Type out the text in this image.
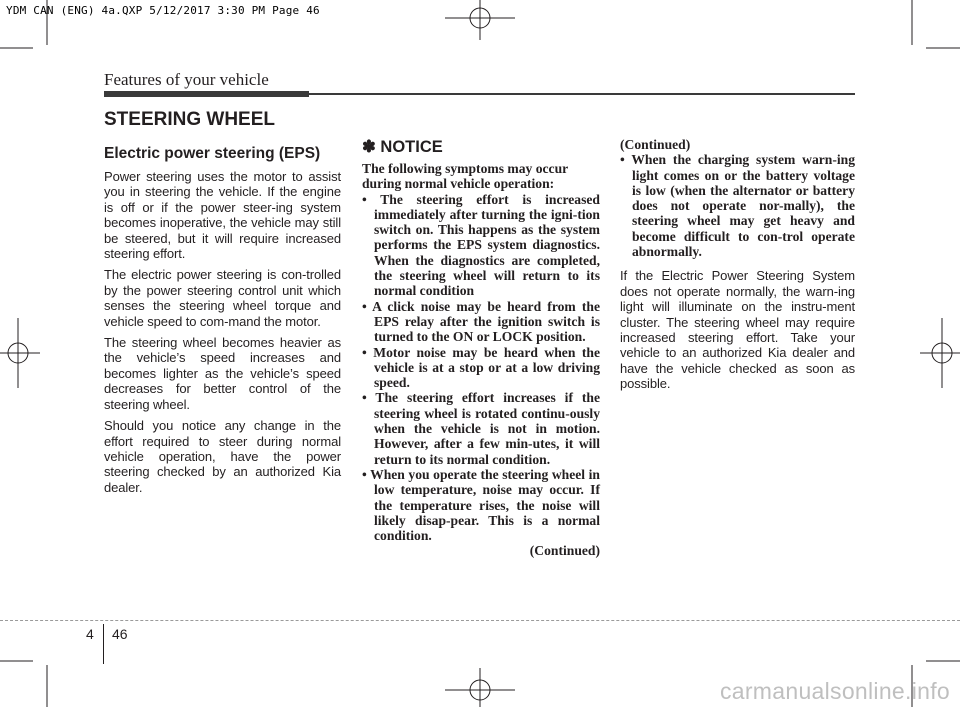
YDM CAN (ENG) 4a.QXP 5/12/2017 3:30 PM Page 46
Features of your vehicle
STEERING WHEEL
Electric power steering (EPS)

Power steering uses the motor to assist you in steering the vehicle. If the engine is off or if the power steer-ing system becomes inoperative, the vehicle may still be steered, but it will require increased steering effort.

The electric power steering is con-trolled by the power steering control unit which senses the steering wheel torque and vehicle speed to com-mand the motor.

The steering wheel becomes heavier as the vehicle’s speed increases and becomes lighter as the vehicle’s speed decreases for better control of the steering wheel.

Should you notice any change in the effort required to steer during normal vehicle operation, have the power steering checked by an authorized Kia dealer.

✽ NOTICE

The following symptoms may occur during normal vehicle operation:

• The steering effort is increased immediately after turning the igni-tion switch on. This happens as the system performs the EPS system diagnostics. When the diagnostics are completed, the steering wheel will return to its normal condition
• A click noise may be heard from the EPS relay after the ignition switch is turned to the ON or LOCK position.
• Motor noise may be heard when the vehicle is at a stop or at a low driving speed.
• The steering effort increases if the steering wheel is rotated continu-ously when the vehicle is not in motion. However, after a few min-utes, it will return to its normal condition.
• When you operate the steering wheel in low temperature, noise may occur. If the temperature rises, the noise will likely disap-pear. This is a normal condition.

(Continued)

(Continued)

• When the charging system warn-ing light comes on or the battery voltage is low (when the alternator or battery does not operate nor-mally), the steering wheel may get heavy and become difficult to con-trol operate abnormally.

If the Electric Power Steering System does not operate normally, the warn-ing light will illuminate on the instru-ment cluster. The steering wheel may require increased steering effort. Take your vehicle to an authorized Kia dealer and have the vehicle checked as soon as possible.

4 46
carmanualsonline.info
